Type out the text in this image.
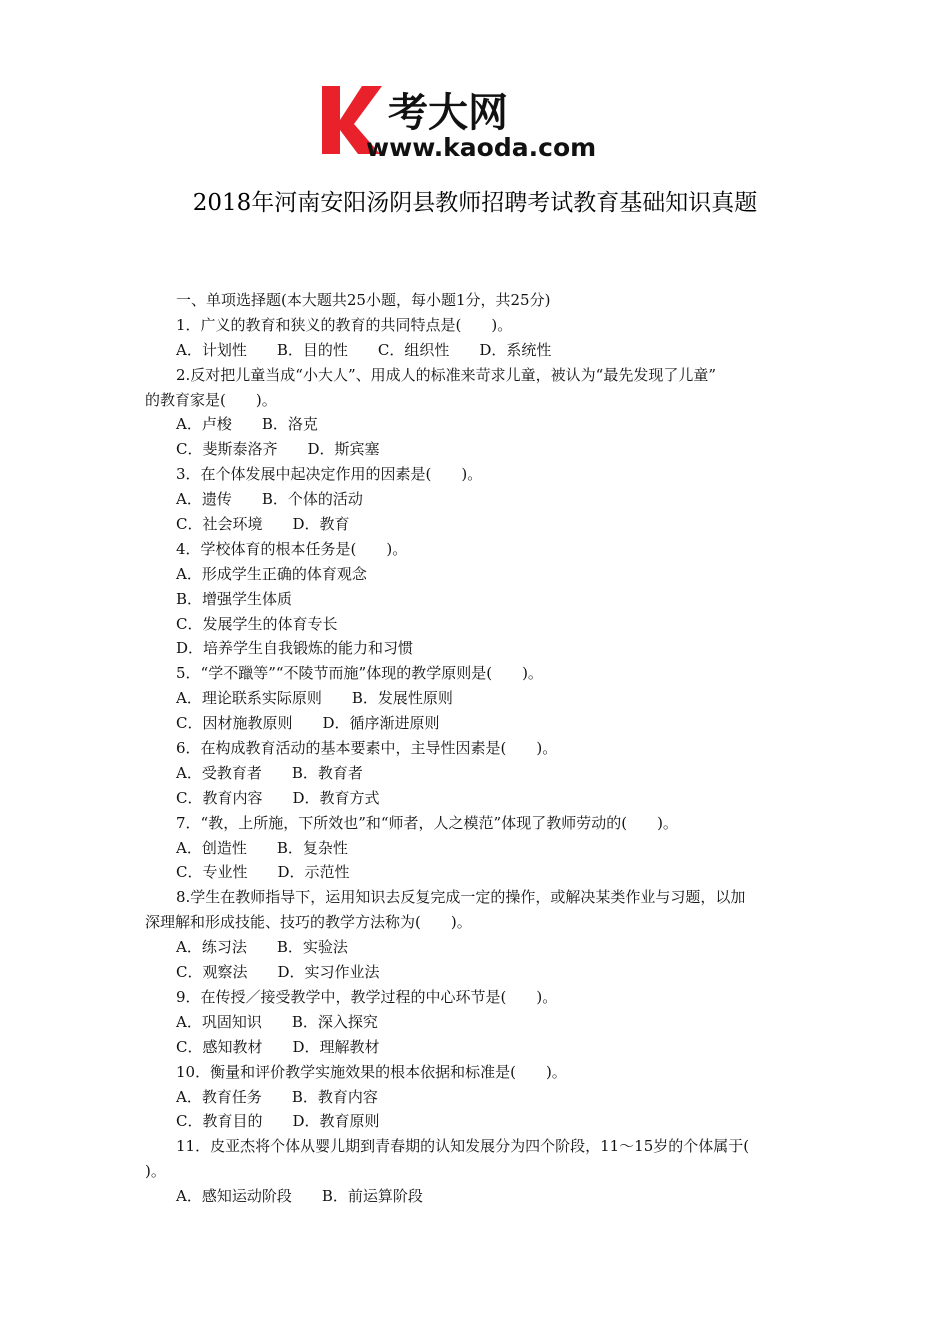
考大网
www.kaoda.com
2018年河南安阳汤阴县教师招聘考试教育基础知识真题
一、单项选择题(本大题共25小题，每小题1分，共25分)
1．广义的教育和狭义的教育的共同特点是(　　)。
A．计划性　　B．目的性　　C．组织性　　D．系统性
2.反对把儿童当成“小大人”、用成人的标准来苛求儿童，被认为“最先发现了儿童”
的教育家是(　　)。
A．卢梭　　B．洛克
C．斐斯泰洛齐　　D．斯宾塞
3．在个体发展中起决定作用的因素是(　　)。
A．遗传　　B．个体的活动
C．社会环境　　D．教育
4．学校体育的根本任务是(　　)。
A．形成学生正确的体育观念
B．增强学生体质
C．发展学生的体育专长
D．培养学生自我锻炼的能力和习惯
5．“学不躐等”“不陵节而施”体现的教学原则是(　　)。
A．理论联系实际原则　　B．发展性原则
C．因材施教原则　　D．循序渐进原则
6．在构成教育活动的基本要素中，主导性因素是(　　)。
A．受教育者　　B．教育者
C．教育内容　　D．教育方式
7．“教，上所施，下所效也”和“师者，人之模范”体现了教师劳动的(　　)。
A．创造性　　B．复杂性
C．专业性　　D．示范性
8.学生在教师指导下，运用知识去反复完成一定的操作，或解决某类作业与习题，以加
深理解和形成技能、技巧的教学方法称为(　　)。
A．练习法　　B．实验法
C．观察法　　D．实习作业法
9．在传授／接受教学中，教学过程的中心环节是(　　)。
A．巩固知识　　B．深入探究
C．感知教材　　D．理解教材
10．衡量和评价教学实施效果的根本依据和标准是(　　)。
A．教育任务　　B．教育内容
C．教育目的　　D．教育原则
11．皮亚杰将个体从婴儿期到青春期的认知发展分为四个阶段，11～15岁的个体属于(
)。
A．感知运动阶段　　B．前运算阶段
